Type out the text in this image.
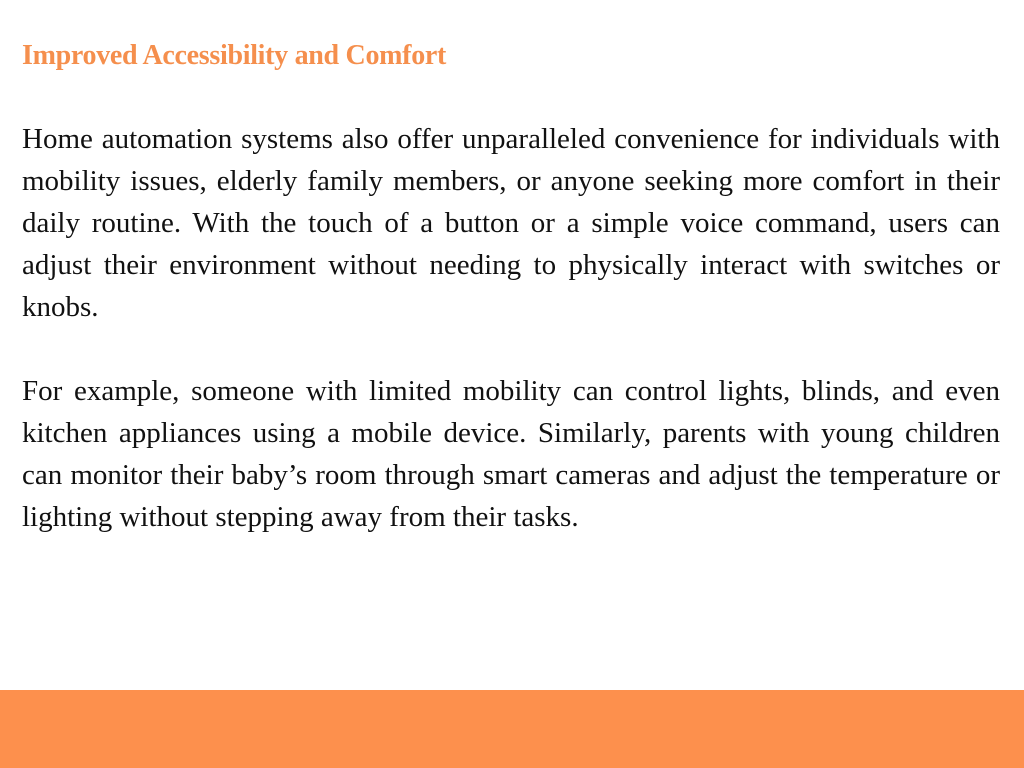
Improved Accessibility and Comfort

Home automation systems also offer unparalleled convenience for individuals with mobility issues, elderly family members, or anyone seeking more comfort in their daily routine. With the touch of a button or a simple voice command, users can adjust their environment without needing to physically interact with switches or knobs.

For example, someone with limited mobility can control lights, blinds, and even kitchen appliances using a mobile device. Similarly, parents with young children can monitor their baby’s room through smart cameras and adjust the temperature or lighting without stepping away from their tasks.
